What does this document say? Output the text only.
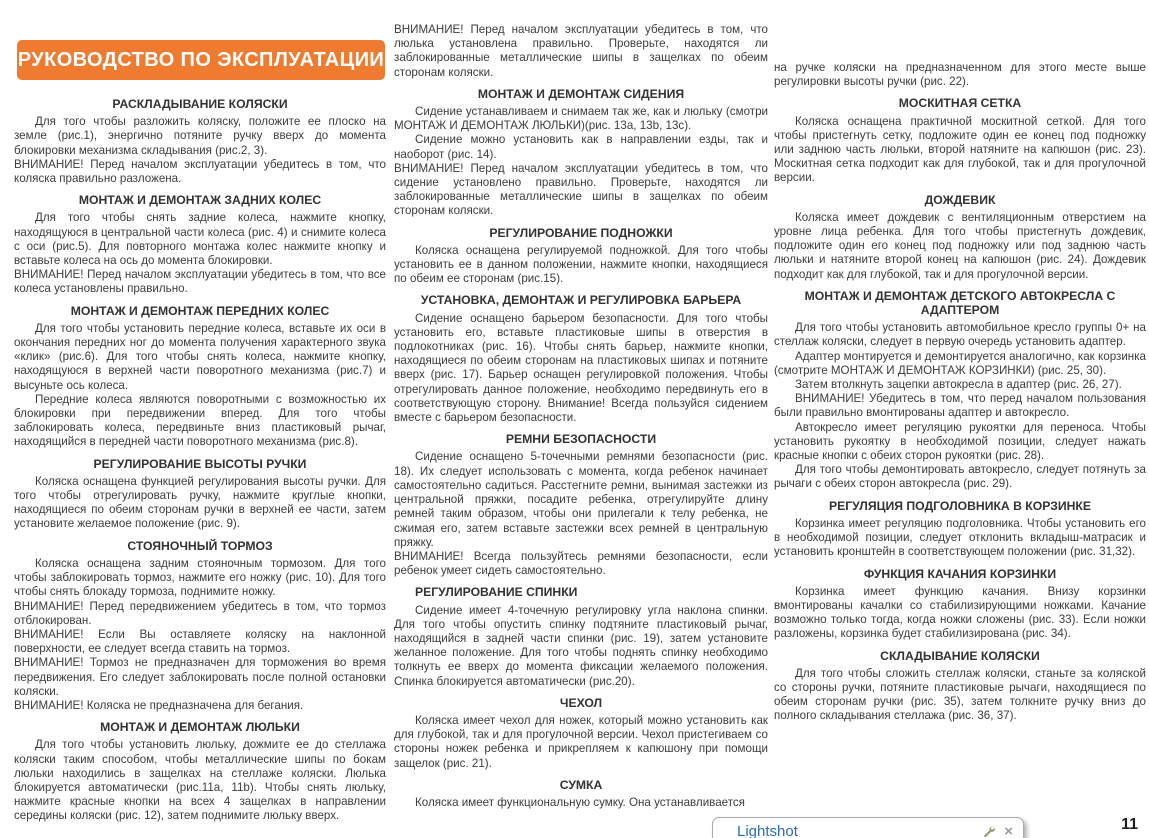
РУКОВОДСТВО ПО ЭКСПЛУАТАЦИИ
РАСКЛАДЫВАНИЕ КОЛЯСКИ
Для того чтобы разложить коляску, положите ее плоско на земле (рис.1), энергично потяните ручку вверх до момента блокировки механизма складывания (рис.2, 3).
ВНИМАНИЕ! Перед началом эксплуатации убедитесь в том, что коляска правильно разложена.
МОНТАЖ И ДЕМОНТАЖ ЗАДНИХ КОЛЕС
Для того чтобы снять задние колеса, нажмите кнопку, находящуюся в центральной части колеса (рис. 4) и снимите колеса с оси (рис.5). Для повторного монтажа колес нажмите кнопку и вставьте колеса на ось до момента блокировки.
ВНИМАНИЕ! Перед началом эксплуатации убедитесь в том, что все колеса установлены правильно.
МОНТАЖ И ДЕМОНТАЖ ПЕРЕДНИХ КОЛЕС
Для того чтобы установить передние колеса, вставьте их оси в окончания передних ног до момента получения характерного звука «клик» (рис.6). Для того чтобы снять колеса, нажмите кнопку, находящуюся в верхней части поворотного механизма (рис.7) и высуньте ось колеса.
Передние колеса являются поворотными с возможностью их блокировки при передвижении вперед. Для того чтобы заблокировать колеса, передвиньте вниз пластиковый рычаг, находящийся в передней части поворотного механизма (рис.8).
РЕГУЛИРОВАНИЕ ВЫСОТЫ РУЧКИ
Коляска оснащена функцией регулирования высоты ручки. Для того чтобы отрегулировать ручку, нажмите круглые кнопки, находящиеся по обеим сторонам ручки в верхней ее части, затем установите желаемое положение (рис. 9).
СТОЯНОЧНЫЙ ТОРМОЗ
Коляска оснащена задним стояночным тормозом. Для того чтобы заблокировать тормоз, нажмите его ножку (рис. 10). Для того чтобы снять блокаду тормоза, поднимите ножку.
ВНИМАНИЕ! Перед передвижением убедитесь в том, что тормоз отблокирован.
ВНИМАНИЕ! Если Вы оставляете коляску на наклонной поверхности, ее следует всегда ставить на тормоз.
ВНИМАНИЕ! Тормоз не предназначен для торможения во время передвижения. Его следует заблокировать после полной остановки коляски.
ВНИМАНИЕ! Коляска не предназначена для бегания.
МОНТАЖ И ДЕМОНТАЖ ЛЮЛЬКИ
Для того чтобы установить люльку, дожмите ее до стеллажа коляски таким способом, чтобы металлические шипы по бокам люльки находились в защелках на стеллаже коляски. Люлька блокируется автоматически (рис.11a, 11b). Чтобы снять люльку, нажмите красные кнопки на всех 4 защелках в направлении середины коляски (рис. 12), затем поднимите люльку вверх.
ВНИМАНИЕ! Перед началом эксплуатации убедитесь в том, что люлька установлена правильно. Проверьте, находятся ли заблокированные металлические шипы в защелках по обеим сторонам коляски.
МОНТАЖ И ДЕМОНТАЖ СИДЕНИЯ
Сидение устанавливаем и снимаем так же, как и люльку (смотри МОНТАЖ И ДЕМОНТАЖ ЛЮЛЬКИ)(рис. 13a, 13b, 13c).
Сидение можно установить как в направлении езды, так и наоборот (рис. 14).
ВНИМАНИЕ! Перед началом эксплуатации убедитесь в том, что сидение установлено правильно. Проверьте, находятся ли заблокированные металлические шипы в защелках по обеим сторонам коляски.
РЕГУЛИРОВАНИЕ ПОДНОЖКИ
Коляска оснащена регулируемой подножкой. Для того чтобы установить ее в данном положении, нажмите кнопки, находящиеся по обеим ее сторонам (рис.15).
УСТАНОВКА, ДЕМОНТАЖ И РЕГУЛИРОВКА БАРЬЕРА
Сидение оснащено барьером безопасности. Для того чтобы установить его, вставьте пластиковые шипы в отверстия в подлокотниках (рис. 16). Чтобы снять барьер, нажмите кнопки, находящиеся по обеим сторонам на пластиковых шипах и потяните вверх (рис. 17). Барьер оснащен регулировкой положения. Чтобы отрегулировать данное положение, необходимо передвинуть его в соответствующую сторону. Внимание! Всегда пользуйся сидением вместе с барьером безопасности.
РЕМНИ БЕЗОПАСНОСТИ
Сидение оснащено 5-точечными ремнями безопасности (рис. 18). Их следует использовать с момента, когда ребенок начинает самостоятельно садиться. Расстегните ремни, вынимая застежки из центральной пряжки, посадите ребенка, отрегулируйте длину ремней таким образом, чтобы они прилегали к телу ребенка, не сжимая его, затем вставьте застежки всех ремней в центральную пряжку.
ВНИМАНИЕ! Всегда пользуйтесь ремнями безопасности, если ребенок умеет сидеть самостоятельно.
РЕГУЛИРОВАНИЕ СПИНКИ
Сидение имеет 4-точечную регулировку угла наклона спинки. Для того чтобы опустить спинку подтяните пластиковый рычаг, находящийся в задней части спинки (рис. 19), затем установите желанное положение. Для того чтобы поднять спинку необходимо толкнуть ее вверх до момента фиксации желаемого положения. Спинка блокируется автоматически (рис.20).
ЧЕХОЛ
Коляска имеет чехол для ножек, который можно установить как для глубокой, так и для прогулочной версии. Чехол пристегиваем со стороны ножек ребенка и прикрепляем к капюшону при помощи защелок (рис. 21).
СУМКА
Коляска имеет функциональную сумку. Она устанавливается
на ручке коляски на предназначенном для этого месте выше регулировки высоты ручки (рис. 22).
МОСКИТНАЯ СЕТКА
Коляска оснащена практичной москитной сеткой. Для того чтобы пристегнуть сетку, подложите один ее конец под подножку или заднюю часть люльки, второй натяните на капюшон (рис. 23). Москитная сетка подходит как для глубокой, так и для прогулочной версии.
ДОЖДЕВИК
Коляска имеет дождевик с вентиляционным отверстием на уровне лица ребенка. Для того чтобы пристегнуть дождевик, подложите один его конец под подножку или под заднюю часть люльки и натяните второй конец на капюшон (рис. 24). Дождевик подходит как для глубокой, так и для прогулочной версии.
МОНТАЖ И ДЕМОНТАЖ ДЕТСКОГО АВТОКРЕСЛА С АДАПТЕРОМ
Для того чтобы установить автомобильное кресло группы 0+ на стеллаж коляски, следует в первую очередь установить адаптер.
Адаптер монтируется и демонтируется аналогично, как корзинка (смотрите МОНТАЖ И ДЕМОНТАЖ КОРЗИНКИ) (рис. 25, 30).
Затем втолкнуть зацепки автокресла в адаптер (рис. 26, 27).
ВНИМАНИЕ! Убедитесь в том, что перед началом пользования были правильно вмонтированы адаптер и автокресло.
Автокресло имеет регуляцию рукоятки для переноса. Чтобы установить рукоятку в необходимой позиции, следует нажать красные кнопки с обеих сторон рукоятки (рис. 28).
Для того чтобы демонтировать автокресло, следует потянуть за рычаги с обеих сторон автокресла (рис. 29).
РЕГУЛЯЦИЯ ПОДГОЛОВНИКА В КОРЗИНКЕ
Корзинка имеет регуляцию подголовника. Чтобы установить его в необходимой позиции, следует отклонить вкладыш-матрасик и установить кронштейн в соответствующем положении (рис. 31,32).
ФУНКЦИЯ КАЧАНИЯ КОРЗИНКИ
Корзинка имеет функцию качания. Внизу корзинки вмонтированы качалки со стабилизирующими ножками. Качание возможно только тогда, когда ножки сложены (рис. 33). Если ножки разложены, корзинка будет стабилизирована (рис. 34).
СКЛАДЫВАНИЕ КОЛЯСКИ
Для того чтобы сложить стеллаж коляски, станьте за коляской со стороны ручки, потяните пластиковые рычаги, находящиеся по обеим сторонам ручки (рис. 35), затем толкните ручку вниз до полного складывания стеллажа (рис. 36, 37).
Lightshot	×	11
